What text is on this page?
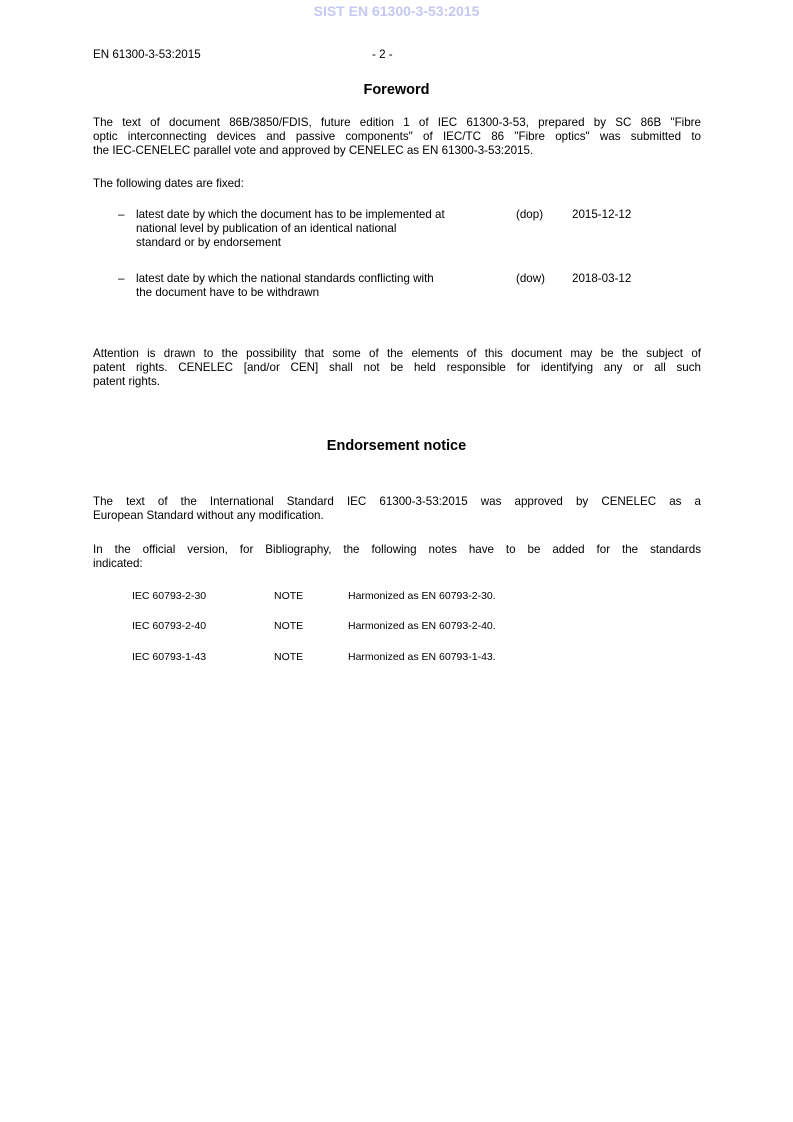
SIST EN 61300-3-53:2015
EN 61300-3-53:2015	- 2 -
Foreword
The text of document 86B/3850/FDIS, future edition 1 of IEC 61300-3-53, prepared by SC 86B "Fibre
optic interconnecting devices and passive components" of IEC/TC 86 "Fibre optics" was submitted to
the IEC-CENELEC parallel vote and approved by CENELEC as EN 61300-3-53:2015.
The following dates are fixed:
– latest date by which the document has to be implemented at
national level by publication of an identical national
standard or by endorsement
(dop) 2015-12-12
– latest date by which the national standards conflicting with
the document have to be withdrawn
(dow) 2018-03-12
Attention is drawn to the possibility that some of the elements of this document may be the subject of
patent rights. CENELEC [and/or CEN] shall not be held responsible for identifying any or all such
patent rights.
Endorsement notice
The text of the International Standard IEC 61300-3-53:2015 was approved by CENELEC as a
European Standard without any modification.
In the official version, for Bibliography, the following notes have to be added for the standards
indicated:
IEC 60793-2-30	NOTE	Harmonized as EN 60793-2-30.
IEC 60793-2-40	NOTE	Harmonized as EN 60793-2-40.
IEC 60793-1-43	NOTE	Harmonized as EN 60793-1-43.
